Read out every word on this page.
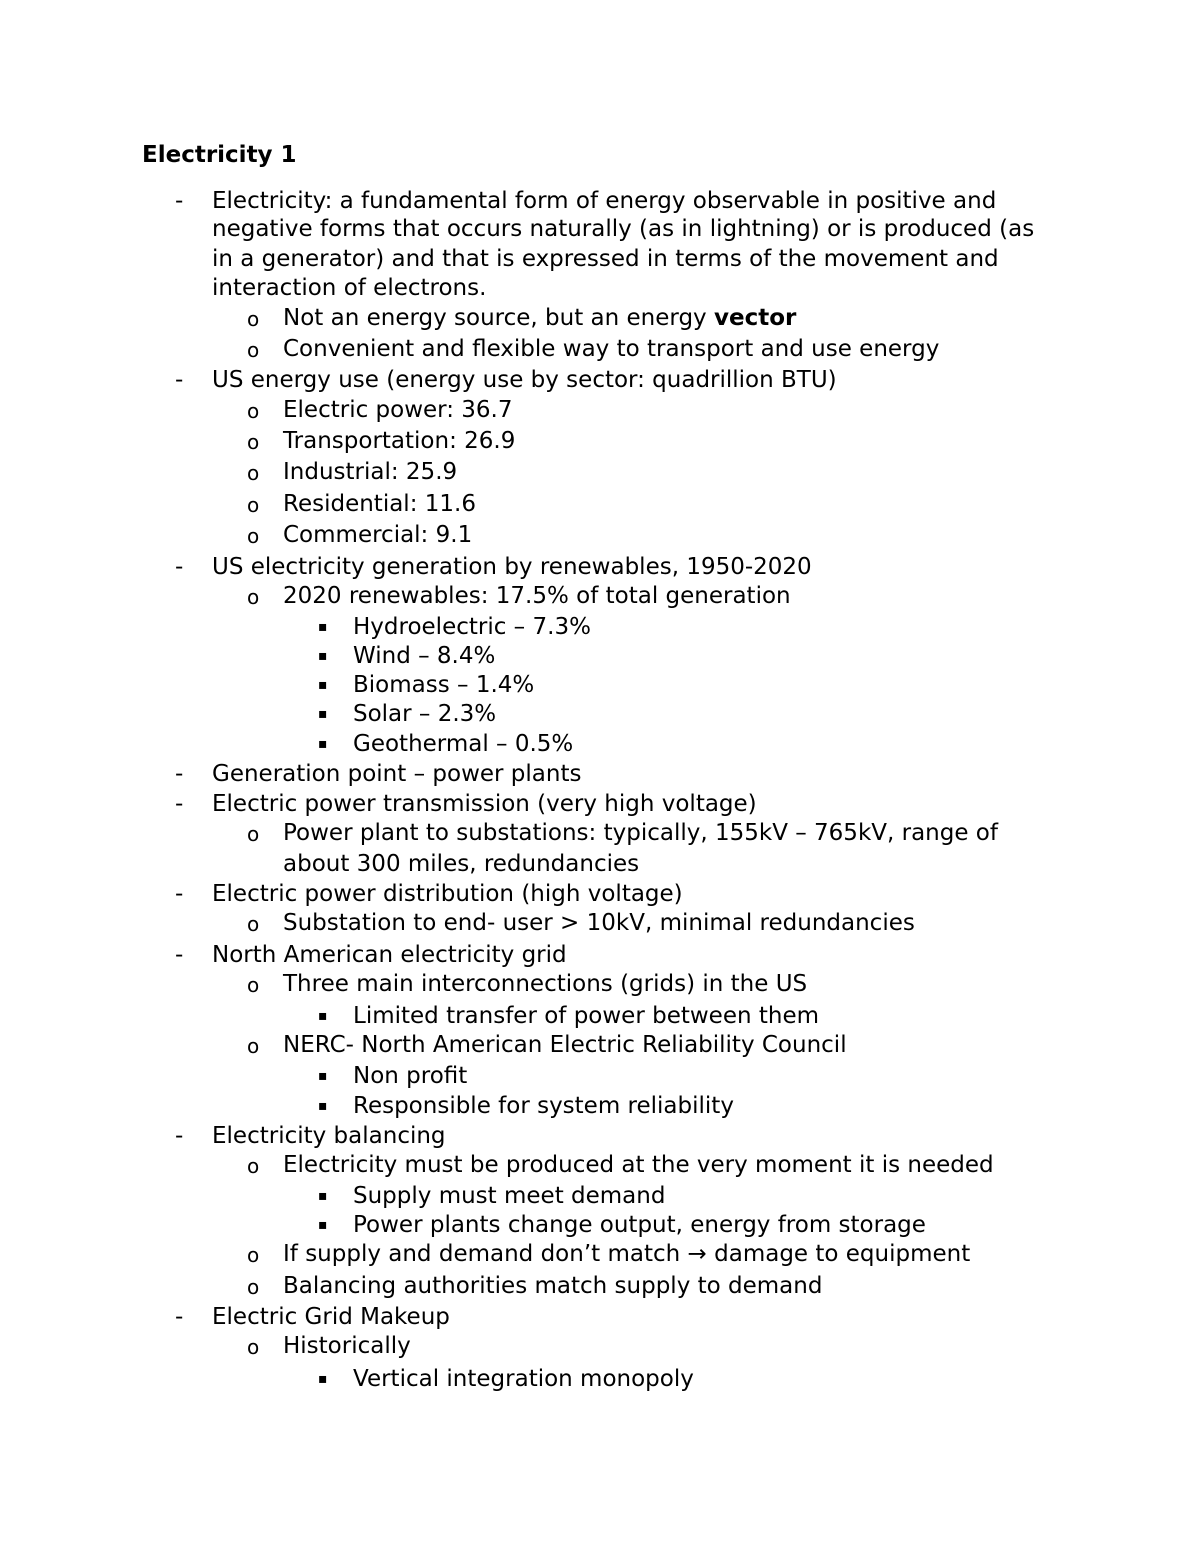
Electricity 1
- Electricity: a fundamental form of energy observable in positive and
negative forms that occurs naturally (as in lightning) or is produced (as
in a generator) and that is expressed in terms of the movement and
interaction of electrons.
o Not an energy source, but an energy vector
o Convenient and flexible way to transport and use energy
- US energy use (energy use by sector: quadrillion BTU)
o Electric power: 36.7
o Transportation: 26.9
o Industrial: 25.9
o Residential: 11.6
o Commercial: 9.1
- US electricity generation by renewables, 1950-2020
o 2020 renewables: 17.5% of total generation
▪ Hydroelectric – 7.3%
▪ Wind – 8.4%
▪ Biomass – 1.4%
▪ Solar – 2.3%
▪ Geothermal – 0.5%
- Generation point – power plants
- Electric power transmission (very high voltage)
o Power plant to substations: typically, 155kV – 765kV, range of
about 300 miles, redundancies
- Electric power distribution (high voltage)
o Substation to end- user > 10kV, minimal redundancies
- North American electricity grid
o Three main interconnections (grids) in the US
▪ Limited transfer of power between them
o NERC- North American Electric Reliability Council
▪ Non profit
▪ Responsible for system reliability
- Electricity balancing
o Electricity must be produced at the very moment it is needed
▪ Supply must meet demand
▪ Power plants change output, energy from storage
o If supply and demand don’t match → damage to equipment
o Balancing authorities match supply to demand
- Electric Grid Makeup
o Historically
▪ Vertical integration monopoly
